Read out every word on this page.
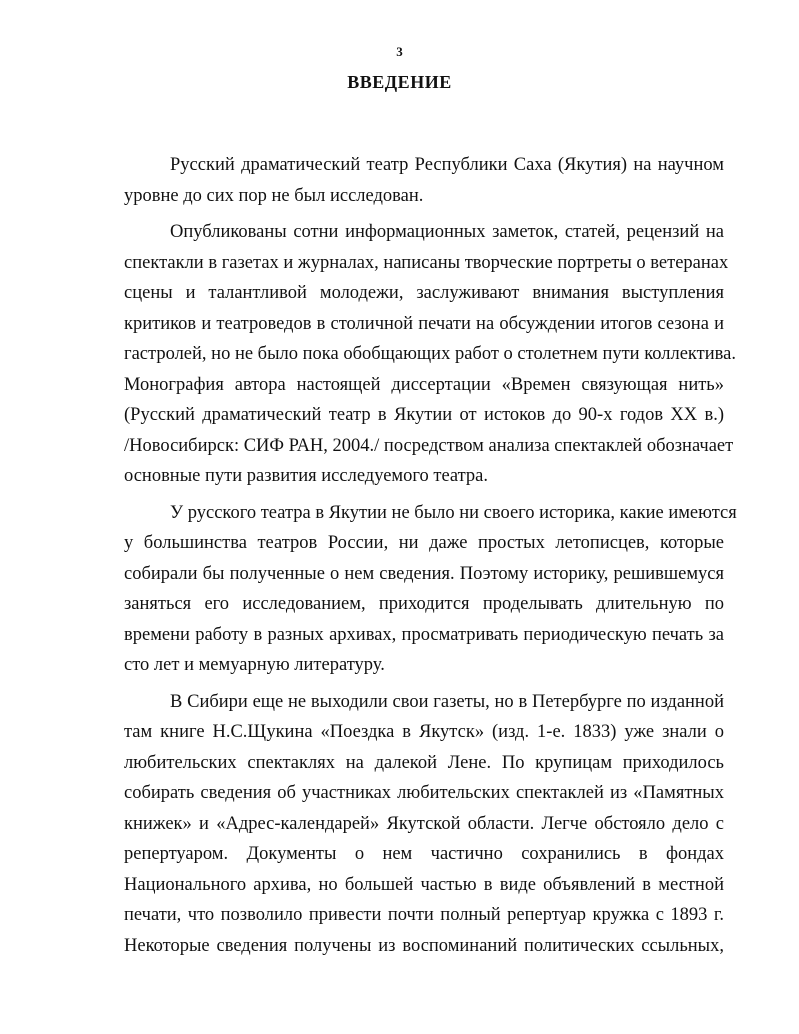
3
ВВЕДЕНИЕ
Русский драматический театр Республики Саха (Якутия) на научном
уровне до сих пор не был исследован.
Опубликованы сотни информационных заметок, статей, рецензий на
спектакли в газетах и журналах, написаны творческие портреты о ветеранах
сцены и талантливой молодежи, заслуживают внимания выступления
критиков и театроведов в столичной печати на обсуждении итогов сезона и
гастролей, но не было пока обобщающих работ о столетнем пути коллектива.
Монография автора настоящей диссертации «Времен связующая нить»
(Русский драматический театр в Якутии от истоков до 90-х годов XX в.)
/Новосибирск: СИФ РАН, 2004./ посредством анализа спектаклей обозначает
основные пути развития исследуемого театра.
У русского театра в Якутии не было ни своего историка, какие имеются
у большинства театров России, ни даже простых летописцев, которые
собирали бы полученные о нем сведения. Поэтому историку, решившемуся
заняться его исследованием, приходится проделывать длительную по
времени работу в разных архивах, просматривать периодическую печать за
сто лет и мемуарную литературу.
В Сибири еще не выходили свои газеты, но в Петербурге по изданной
там книге Н.С.Щукина «Поездка в Якутск» (изд. 1-е. 1833) уже знали о
любительских спектаклях на далекой Лене. По крупицам приходилось
собирать сведения об участниках любительских спектаклей из «Памятных
книжек» и «Адрес-календарей» Якутской области. Легче обстояло дело с
репертуаром. Документы о нем частично сохранились в фондах
Национального архива, но большей частью в виде объявлений в местной
печати, что позволило привести почти полный репертуар кружка с 1893 г.
Некоторые сведения получены из воспоминаний политических ссыльных,
